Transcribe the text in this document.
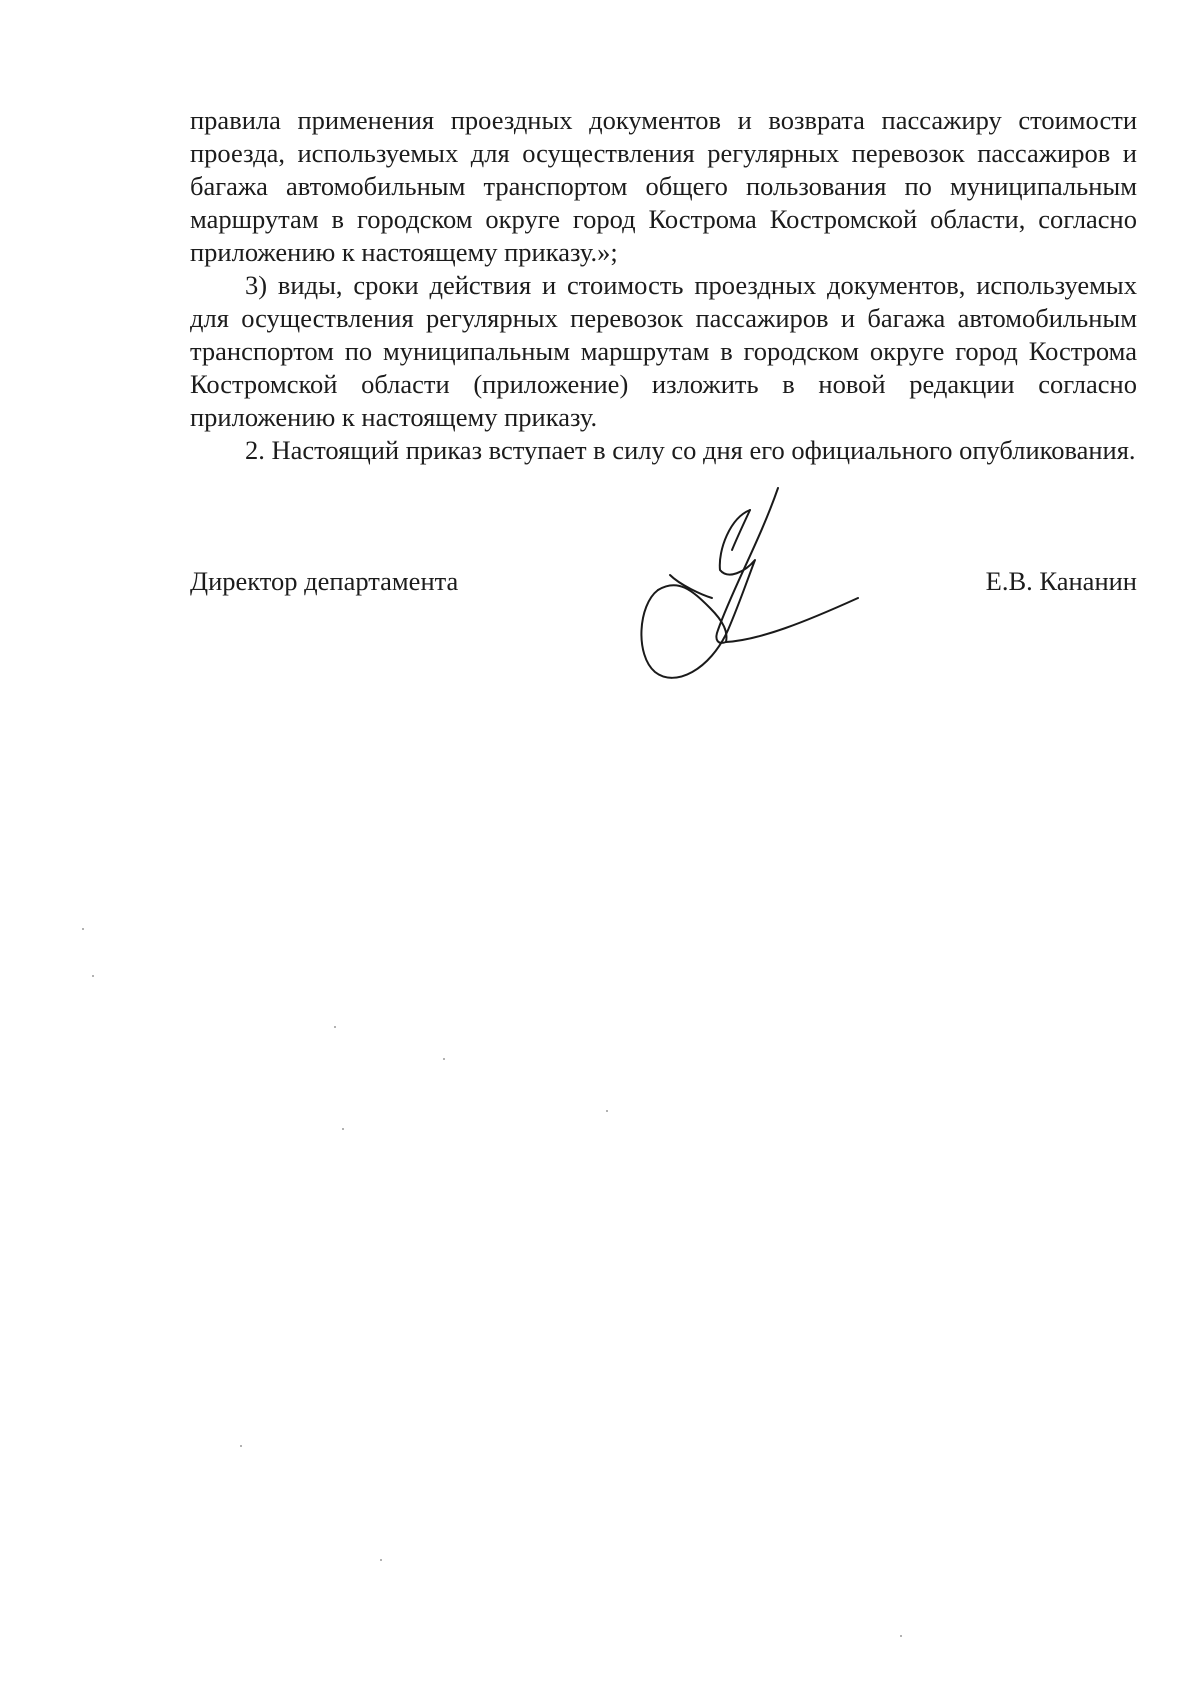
правила применения проездных документов и возврата пассажиру стоимости проезда, используемых для осуществления регулярных перевозок пассажиров и багажа автомобильным транспортом общего пользования по муниципальным маршрутам в городском округе город Кострома Костромской области, согласно приложению к настоящему приказу.»;

3) виды, сроки действия и стоимость проездных документов, используемых для осуществления регулярных перевозок пассажиров и багажа автомобильным транспортом по муниципальным маршрутам в городском округе город Кострома Костромской области (приложение) изложить в новой редакции согласно приложению к настоящему приказу.

2. Настоящий приказ вступает в силу со дня его официального опубликования.

Директор департамента	Е.В. Кананин
